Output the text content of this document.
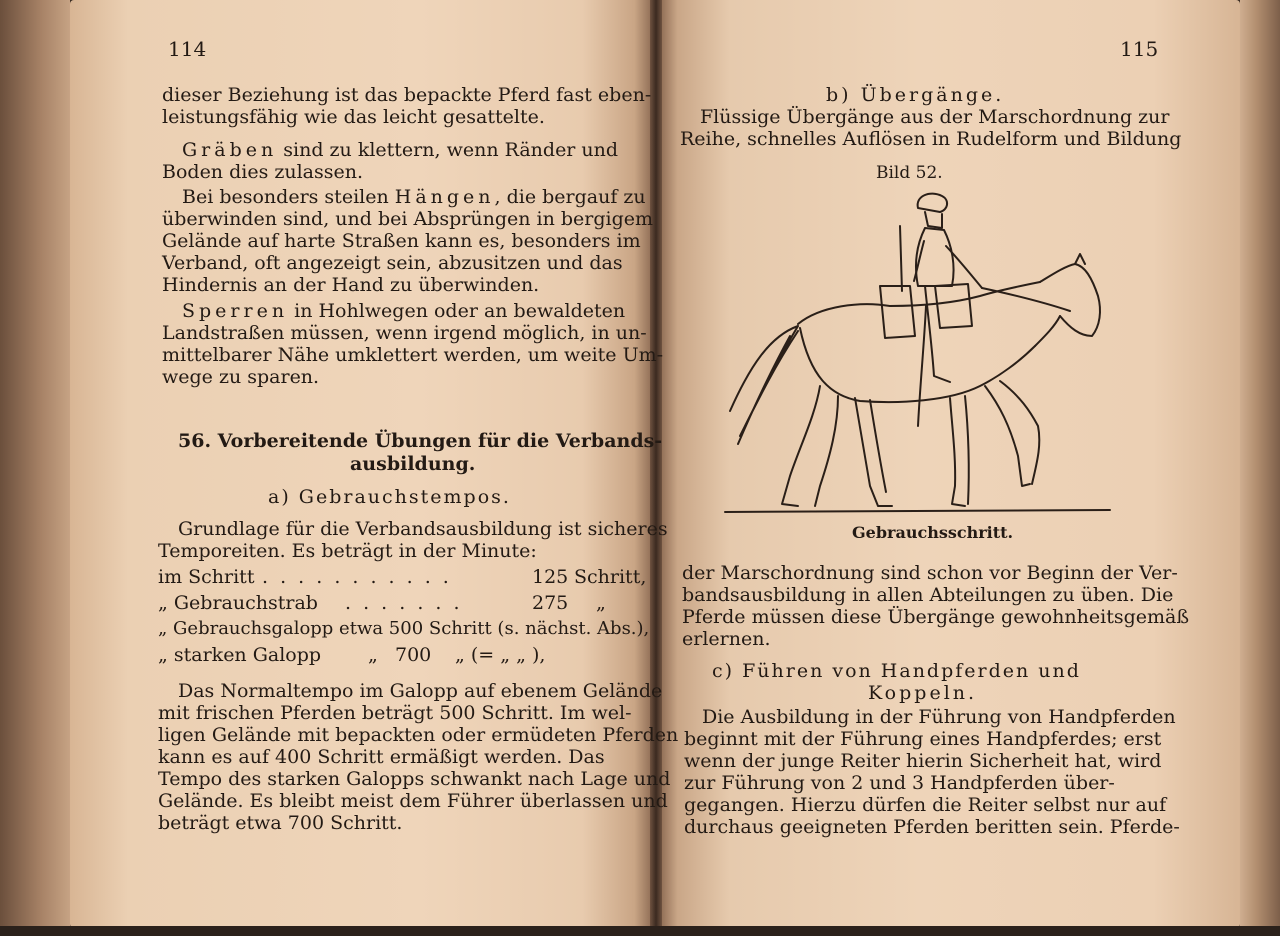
114
dieser Beziehung ist das bepackte Pferd fast eben-
leistungsfähig wie das leicht gesattelte.
Gräben sind zu klettern, wenn Ränder und
Boden dies zulassen.
Bei besonders steilen Hängen, die bergauf zu
überwinden sind, und bei Absprüngen in bergigem
Gelände auf harte Straßen kann es, besonders im
Verband, oft angezeigt sein, abzusitzen und das
Hindernis an der Hand zu überwinden.
Sperren in Hohlwegen oder an bewaldeten
Landstraßen müssen, wenn irgend möglich, in un-
mittelbarer Nähe umklettert werden, um weite Um-
wege zu sparen.
56. Vorbereitende Übungen für die Verbands-
ausbildung.
a) Gebrauchstempos.
Grundlage für die Verbandsausbildung ist sicheres
Temporeiten. Es beträgt in der Minute:
im Schritt . . . . . . . . . . .	125 Schritt,
„ Gebrauchstrab . . . . . . .	275 „
„ Gebrauchsgalopp etwa 500 Schritt (s. nächst. Abs.),
„ starken Galopp „ 700 „ (= „ „ ),
Das Normaltempo im Galopp auf ebenem Gelände
mit frischen Pferden beträgt 500 Schritt. Im wel-
ligen Gelände mit bepackten oder ermüdeten Pferden
kann es auf 400 Schritt ermäßigt werden. Das
Tempo des starken Galopps schwankt nach Lage und
Gelände. Es bleibt meist dem Führer überlassen und
beträgt etwa 700 Schritt.
115
b) Übergänge.
Flüssige Übergänge aus der Marschordnung zur
Reihe, schnelles Auflösen in Rudelform und Bildung
Bild 52.
Gebrauchsschritt.
der Marschordnung sind schon vor Beginn der Ver-
bandsausbildung in allen Abteilungen zu üben. Die
Pferde müssen diese Übergänge gewohnheitsgemäß
erlernen.
c) Führen von Handpferden und
Koppeln.
Die Ausbildung in der Führung von Handpferden
beginnt mit der Führung eines Handpferdes; erst
wenn der junge Reiter hierin Sicherheit hat, wird
zur Führung von 2 und 3 Handpferden über-
gegangen. Hierzu dürfen die Reiter selbst nur auf
durchaus geeigneten Pferden beritten sein. Pferde-
